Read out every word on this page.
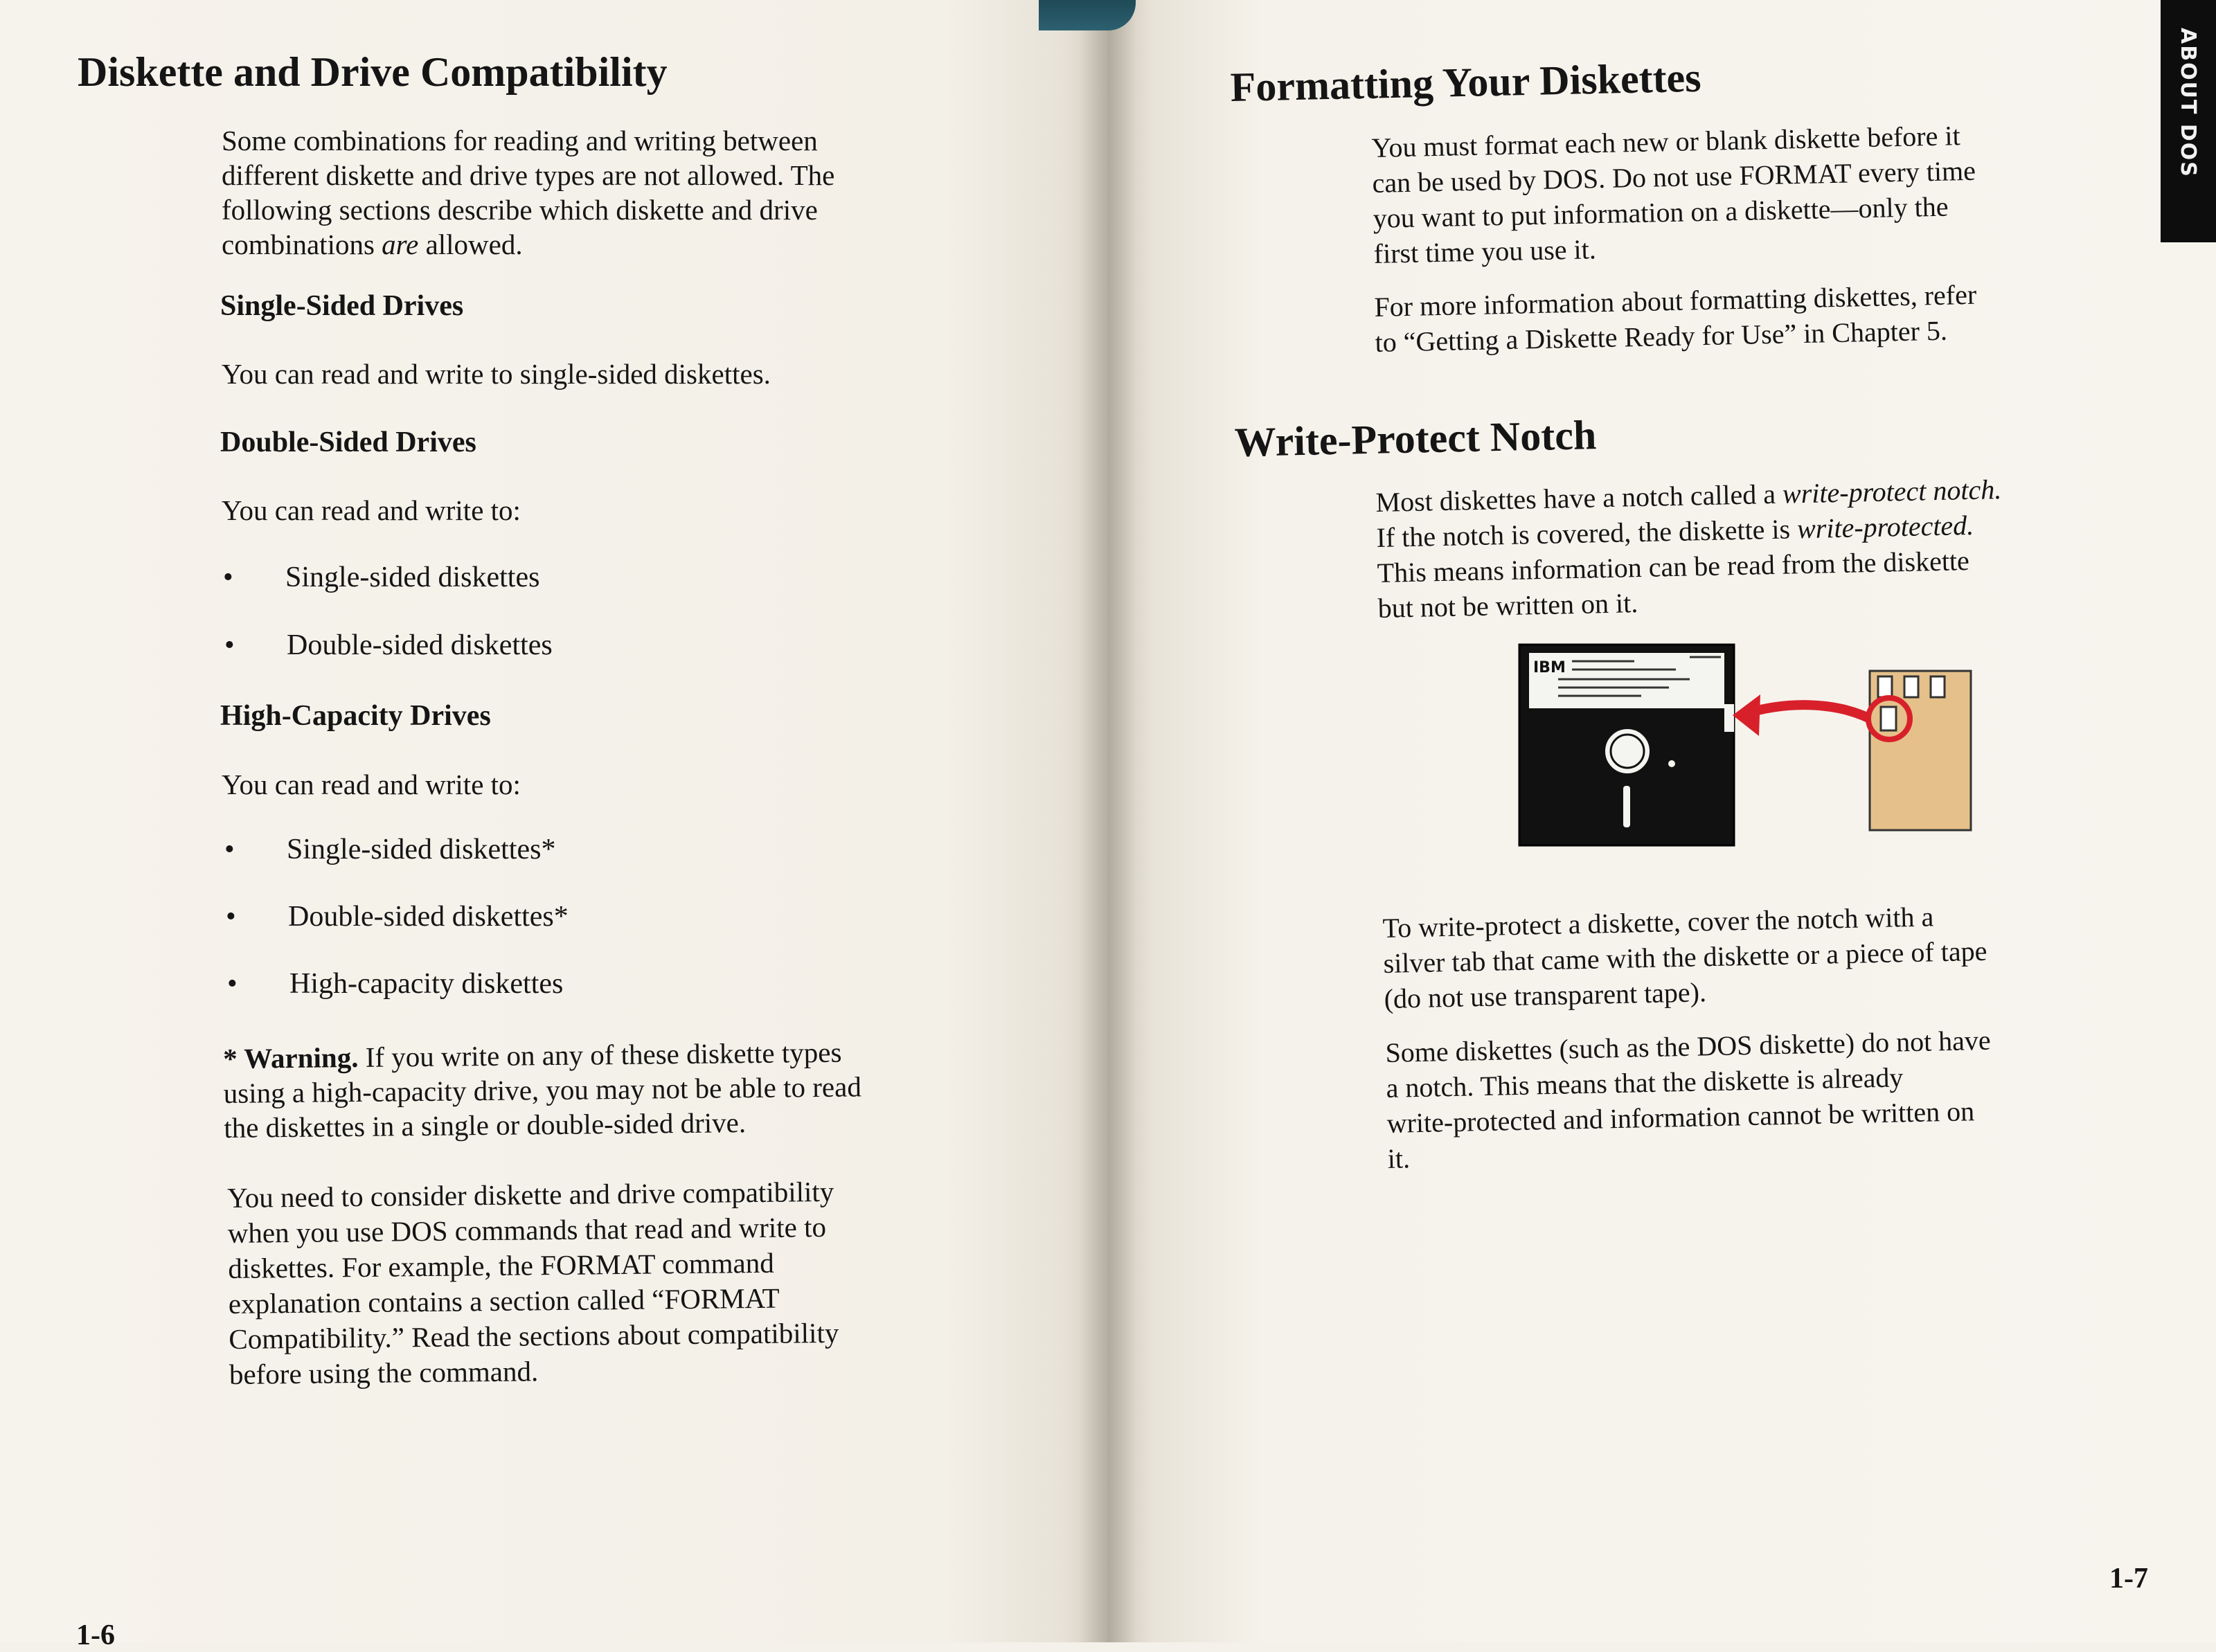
Diskette and Drive Compatibility
Some combinations for reading and writing between
different diskette and drive types are not allowed. The
following sections describe which diskette and drive
combinations are allowed.
Single-Sided Drives

You can read and write to single-sided diskettes.

Double-Sided Drives

You can read and write to:

• Single-sided diskettes

• Double-sided diskettes

High-Capacity Drives

You can read and write to:

• Single-sided diskettes*

• Double-sided diskettes*

• High-capacity diskettes

* Warning. If you write on any of these diskette types
using a high-capacity drive, you may not be able to read
the diskettes in a single or double-sided drive.
You need to consider diskette and drive compatibility
when you use DOS commands that read and write to
diskettes. For example, the FORMAT command
explanation contains a section called “FORMAT
Compatibility.” Read the sections about compatibility
before using the command.
1-6
ABOUT DOS
Formatting Your Diskettes
You must format each new or blank diskette before it
can be used by DOS. Do not use FORMAT every time
you want to put information on a diskette—only the
first time you use it.
For more information about formatting diskettes, refer
to “Getting a Diskette Ready for Use” in Chapter 5.
Write-Protect Notch
Most diskettes have a notch called a write-protect notch.
If the notch is covered, the diskette is write-protected.
This means information can be read from the diskette
but not be written on it.
IBM
To write-protect a diskette, cover the notch with a
silver tab that came with the diskette or a piece of tape
(do not use transparent tape).
Some diskettes (such as the DOS diskette) do not have
a notch. This means that the diskette is already
write-protected and information cannot be written on
it.
1-7
